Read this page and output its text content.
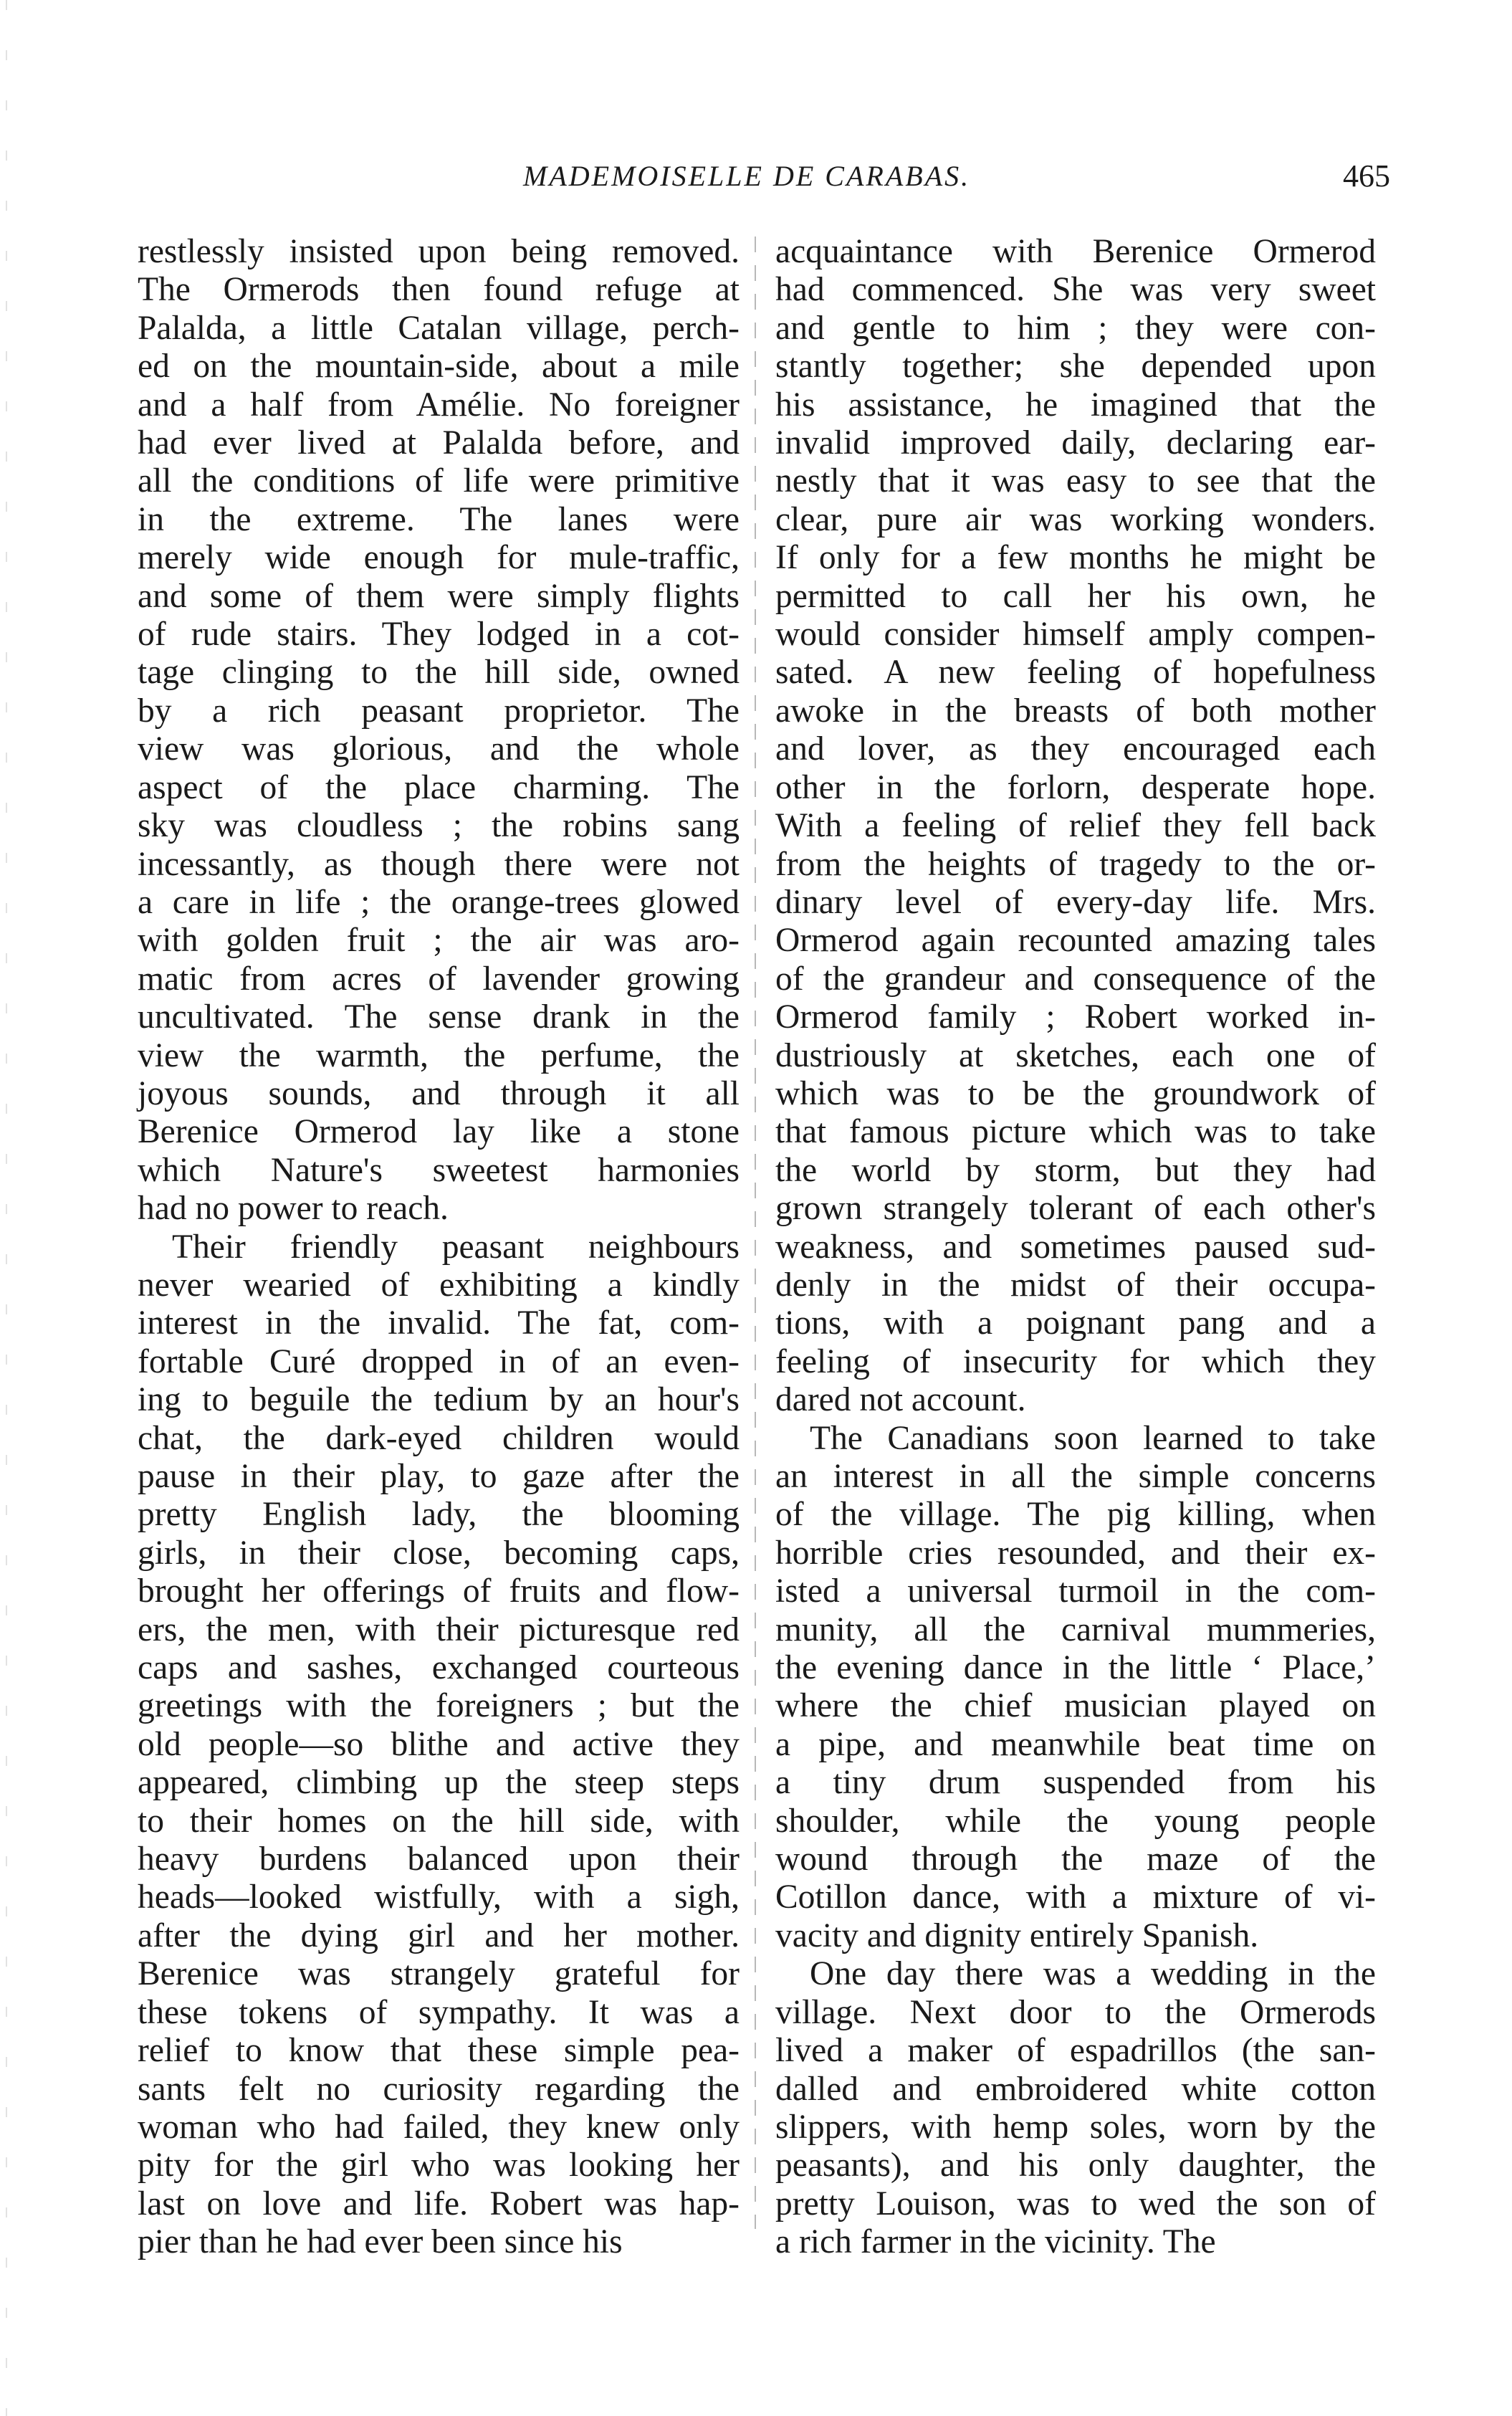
MADEMOISELLE DE CARABAS.	465

restlessly insisted upon being removed.

The Ormerods then found refuge at

Palalda, a little Catalan village, perch-

ed on the mountain-side, about a mile

and a half from Amélie. No foreigner

had ever lived at Palalda before, and

all the conditions of life were primitive

in the extreme. The lanes were

merely wide enough for mule-traffic,

and some of them were simply flights

of rude stairs. They lodged in a cot-

tage clinging to the hill side, owned

by a rich peasant proprietor. The

view was glorious, and the whole

aspect of the place charming. The

sky was cloudless ; the robins sang

incessantly, as though there were not

a care in life ; the orange-trees glowed

with golden fruit ; the air was aro-

matic from acres of lavender growing

uncultivated. The sense drank in the

view the warmth, the perfume, the

joyous sounds, and through it all

Berenice Ormerod lay like a stone

which Nature's sweetest harmonies

had no power to reach.

Their friendly peasant neighbours

never wearied of exhibiting a kindly

interest in the invalid. The fat, com-

fortable Curé dropped in of an even-

ing to beguile the tedium by an hour's

chat, the dark-eyed children would

pause in their play, to gaze after the

pretty English lady, the blooming

girls, in their close, becoming caps,

brought her offerings of fruits and flow-

ers, the men, with their picturesque red

caps and sashes, exchanged courteous

greetings with the foreigners ; but the

old people—so blithe and active they

appeared, climbing up the steep steps

to their homes on the hill side, with

heavy burdens balanced upon their

heads—looked wistfully, with a sigh,

after the dying girl and her mother.

Berenice was strangely grateful for

these tokens of sympathy. It was a

relief to know that these simple pea-

sants felt no curiosity regarding the

woman who had failed, they knew only

pity for the girl who was looking her

last on love and life. Robert was hap-

pier than he had ever been since his

acquaintance with Berenice Ormerod

had commenced. She was very sweet

and gentle to him ; they were con-

stantly together; she depended upon

his assistance, he imagined that the

invalid improved daily, declaring ear-

nestly that it was easy to see that the

clear, pure air was working wonders.

If only for a few months he might be

permitted to call her his own, he

would consider himself amply compen-

sated. A new feeling of hopefulness

awoke in the breasts of both mother

and lover, as they encouraged each

other in the forlorn, desperate hope.

With a feeling of relief they fell back

from the heights of tragedy to the or-

dinary level of every-day life. Mrs.

Ormerod again recounted amazing tales

of the grandeur and consequence of the

Ormerod family ; Robert worked in-

dustriously at sketches, each one of

which was to be the groundwork of

that famous picture which was to take

the world by storm, but they had

grown strangely tolerant of each other's

weakness, and sometimes paused sud-

denly in the midst of their occupa-

tions, with a poignant pang and a

feeling of insecurity for which they

dared not account.

The Canadians soon learned to take

an interest in all the simple concerns

of the village. The pig killing, when

horrible cries resounded, and their ex-

isted a universal turmoil in the com-

munity, all the carnival mummeries,

the evening dance in the little ‘ Place,’

where the chief musician played on

a pipe, and meanwhile beat time on

a tiny drum suspended from his

shoulder, while the young people

wound through the maze of the

Cotillon dance, with a mixture of vi-

vacity and dignity entirely Spanish.

One day there was a wedding in the

village. Next door to the Ormerods

lived a maker of espadrillos (the san-

dalled and embroidered white cotton

slippers, with hemp soles, worn by the

peasants), and his only daughter, the

pretty Louison, was to wed the son of

a rich farmer in the vicinity. The
